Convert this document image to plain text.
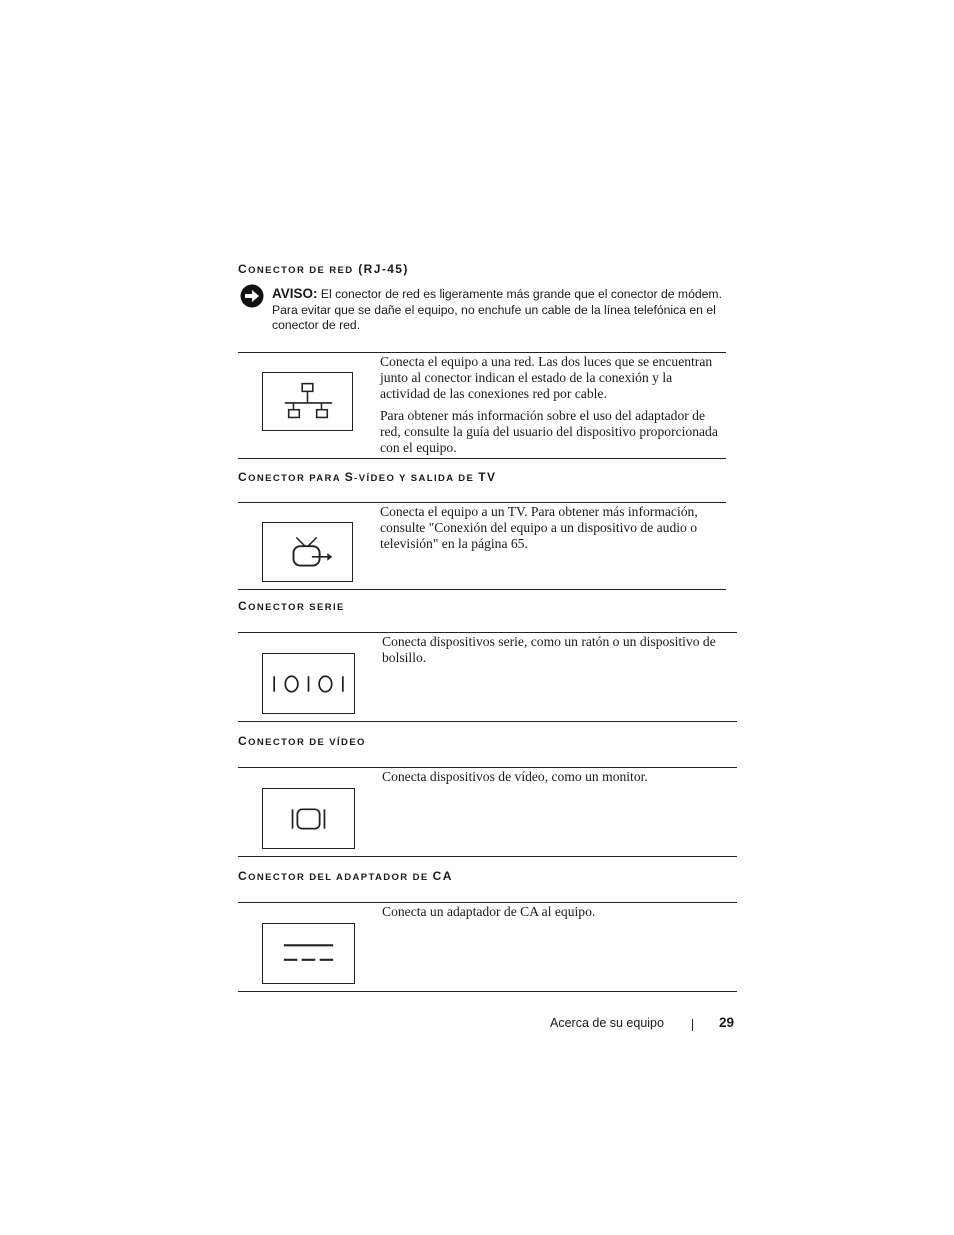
CONECTOR DE RED (RJ-45)
AVISO: El conector de red es ligeramente más grande que el conector de módem. Para evitar que se dañe el equipo, no enchufe un cable de la línea telefónica en el conector de red.

Conecta el equipo a una red. Las dos luces que se encuentran junto al conector indican el estado de la conexión y la actividad de las conexiones red por cable.

Para obtener más información sobre el uso del adaptador de red, consulte la guía del usuario del dispositivo proporcionada con el equipo.

CONECTOR PARA S-VÍDEO Y SALIDA DE TV

Conecta el equipo a un TV. Para obtener más información, consulte "Conexión del equipo a un dispositivo de audio o televisión" en la página 65.

CONECTOR SERIE

Conecta dispositivos serie, como un ratón o un dispositivo de bolsillo.

CONECTOR DE VÍDEO

Conecta dispositivos de vídeo, como un monitor.

CONECTOR DEL ADAPTADOR DE CA

Conecta un adaptador de CA al equipo.

Acerca de su equipo	29
